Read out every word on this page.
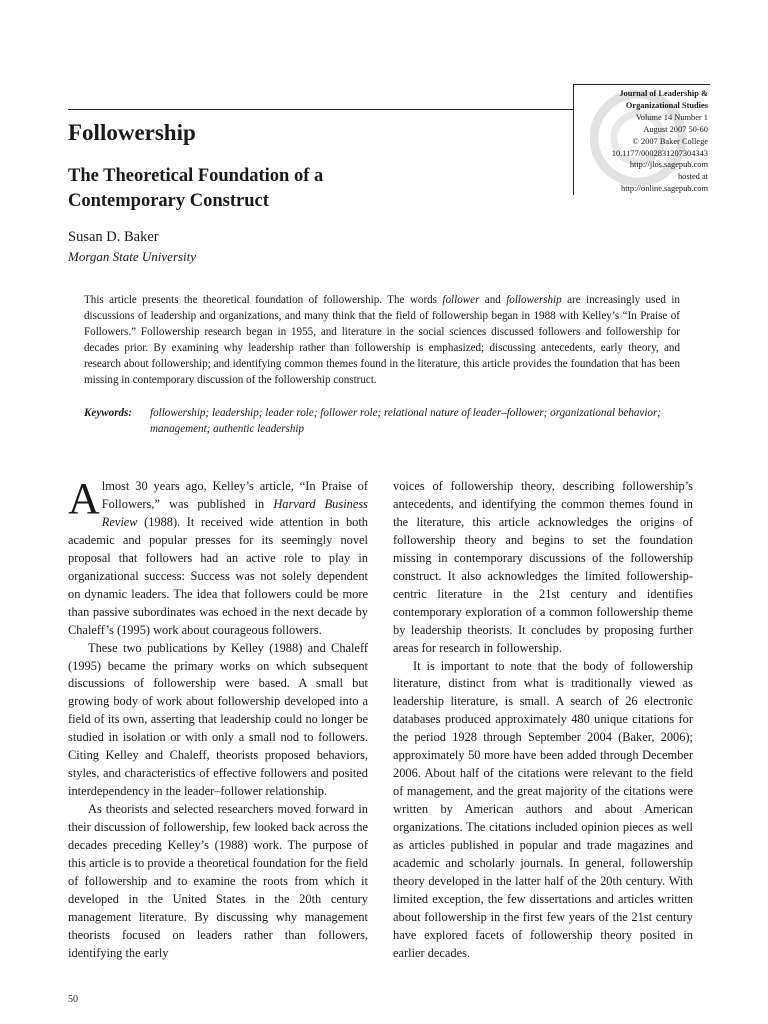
Journal of Leadership &
Organizational Studies
Volume 14 Number 1
August 2007 50-60
© 2007 Baker College
10.1177/0002831207304343
http://jlos.sagepub.com
hosted at
http://online.sagepub.com
Followership
The Theoretical Foundation of a Contemporary Construct
Susan D. Baker
Morgan State University

This article presents the theoretical foundation of followership. The words follower and followership are increasingly used in discussions of leadership and organizations, and many think that the field of followership began in 1988 with Kelley’s “In Praise of Followers.” Followership research began in 1955, and literature in the social sciences discussed followers and followership for decades prior. By examining why leadership rather than followership is emphasized; discussing antecedents, early theory, and research about followership; and identifying common themes found in the literature, this article provides the foundation that has been missing in contemporary discussion of the followership construct.

Keywords: followership; leadership; leader role; follower role; relational nature of leader–follower; organizational behavior; management; authentic leadership

Almost 30 years ago, Kelley’s article, “In Praise of Followers,” was published in Harvard Business Review (1988). It received wide attention in both academic and popular presses for its seemingly novel proposal that followers had an active role to play in organizational success: Success was not solely dependent on dynamic leaders. The idea that followers could be more than passive subordinates was echoed in the next decade by Chaleff’s (1995) work about courageous followers.

These two publications by Kelley (1988) and Chaleff (1995) became the primary works on which subsequent discussions of followership were based. A small but growing body of work about followership developed into a field of its own, asserting that leadership could no longer be studied in isolation or with only a small nod to followers. Citing Kelley and Chaleff, theorists proposed behaviors, styles, and characteristics of effective followers and posited interdependency in the leader–follower relationship.

As theorists and selected researchers moved forward in their discussion of followership, few looked back across the decades preceding Kelley’s (1988) work. The purpose of this article is to provide a theoretical foundation for the field of followership and to examine the roots from which it developed in the United States in the 20th century management literature. By discussing why management theorists focused on leaders rather than followers, identifying the early

voices of followership theory, describing followership’s antecedents, and identifying the common themes found in the literature, this article acknowledges the origins of followership theory and begins to set the foundation missing in contemporary discussions of the followership construct. It also acknowledges the limited followership-centric literature in the 21st century and identifies contemporary exploration of a common followership theme by leadership theorists. It concludes by proposing further areas for research in followership.

It is important to note that the body of followership literature, distinct from what is traditionally viewed as leadership literature, is small. A search of 26 electronic databases produced approximately 480 unique citations for the period 1928 through September 2004 (Baker, 2006); approximately 50 more have been added through December 2006. About half of the citations were relevant to the field of management, and the great majority of the citations were written by American authors and about American organizations. The citations included opinion pieces as well as articles published in popular and trade magazines and academic and scholarly journals. In general, followership theory developed in the latter half of the 20th century. With limited exception, the few dissertations and articles written about followership in the first few years of the 21st century have explored facets of followership theory posited in earlier decades.

50
